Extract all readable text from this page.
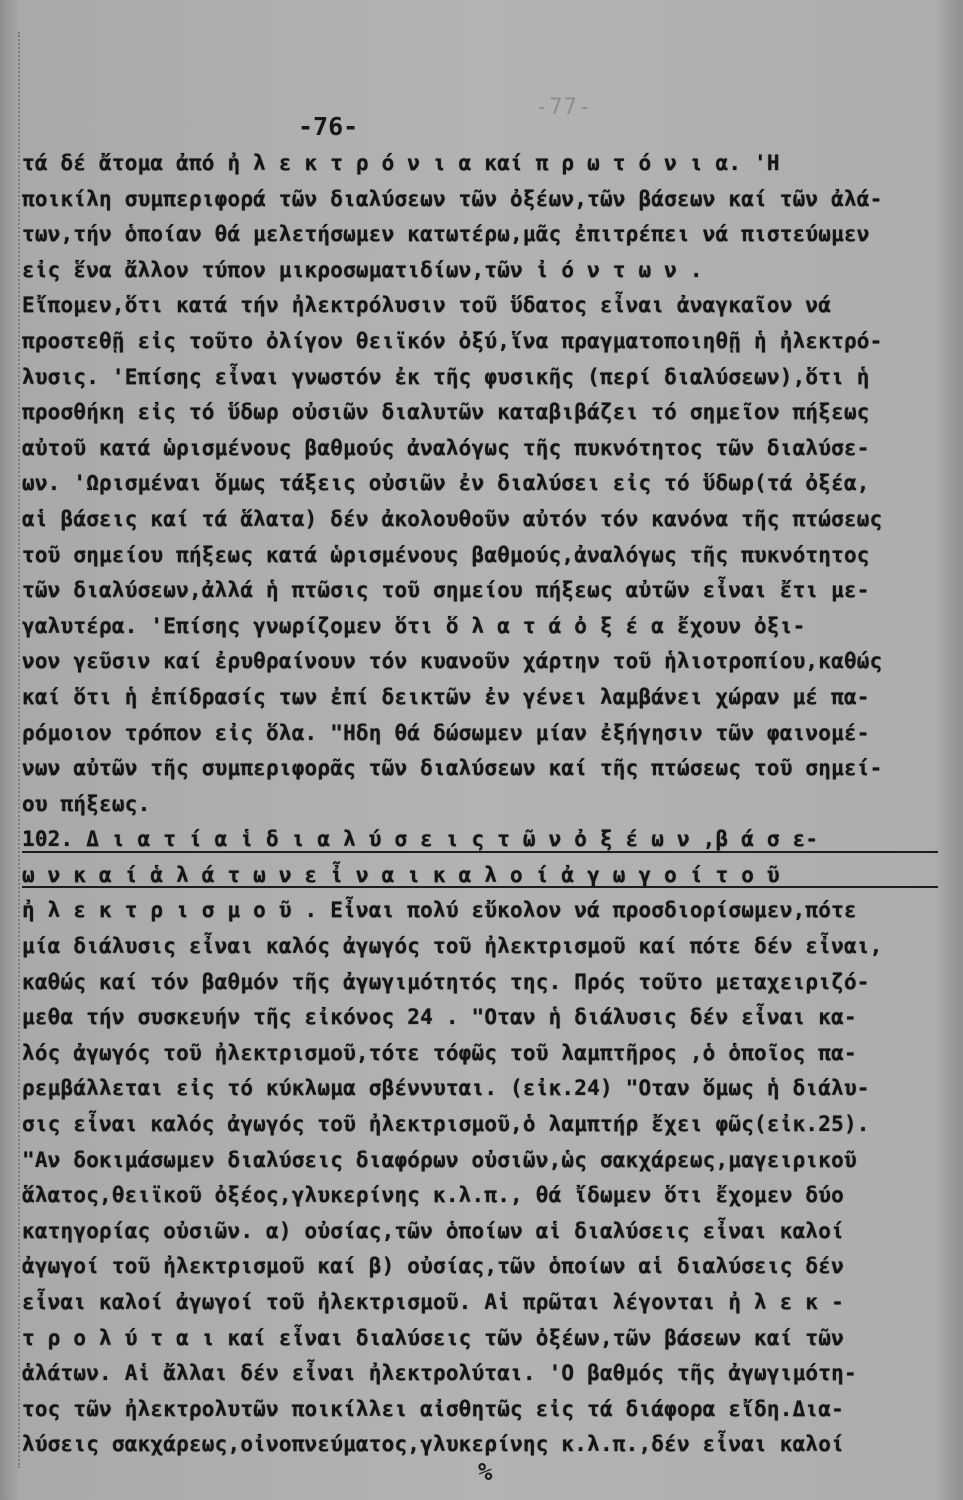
-77-
-76-
τά δέ ἄτομα ἀπό ἠ λ ε κ τ ρ ό ν ι α καί π ρ ω τ ό ν ι α. 'Η
ποικίλη συμπεριφορά τῶν διαλύσεων τῶν ὀξέων,τῶν βάσεων καί τῶν ἀλά-
των,τήν ὁποίαν θά μελετήσωμεν κατωτέρω,μᾶς ἐπιτρέπει νά πιστεύωμεν
εἰς ἕνα ἄλλον τύπον μικροσωματιδίων,τῶν ἰ ό ν τ ω ν .
Εἴπομεν,ὅτι κατά τήν ἠλεκτρόλυσιν τοῦ ὕδατος εἶναι ἀναγκαῖον νά
προστεθῇ εἰς τοῦτο ὀλίγον θειϊκόν ὀξύ,ἵνα πραγματοποιηθῇ ἡ ἠλεκτρό-
λυσις. 'Επίσης εἶναι γνωστόν ἐκ τῆς φυσικῆς (περί διαλύσεων),ὅτι ἡ
προσθήκη εἰς τό ὕδωρ οὐσιῶν διαλυτῶν καταβιβάζει τό σημεῖον πήξεως
αὐτοῦ κατά ὡρισμένους βαθμούς ἀναλόγως τῆς πυκνότητος τῶν διαλύσε-
ων. 'Ωρισμέναι ὅμως τάξεις οὐσιῶν ἐν διαλύσει εἰς τό ὕδωρ(τά ὀξέα,
αἱ βάσεις καί τά ἅλατα) δέν ἀκολουθοῦν αὐτόν τόν κανόνα τῆς πτώσεως
τοῦ σημείου πήξεως κατά ὡρισμένους βαθμούς,ἀναλόγως τῆς πυκνότητος
τῶν διαλύσεων,ἀλλά ἡ πτῶσις τοῦ σημείου πήξεως αὐτῶν εἶναι ἔτι με-
γαλυτέρα. 'Επίσης γνωρίζομεν ὅτι ὅ λ α τ ά ὀ ξ έ α ἔχουν ὀξι-
νον γεῦσιν καί ἐρυθραίνουν τόν κυανοῦν χάρτην τοῦ ἡλιοτροπίου,καθώς
καί ὅτι ἡ ἐπίδρασίς των ἐπί δεικτῶν ἐν γένει λαμβάνει χώραν μέ πα-
ρόμοιον τρόπον εἰς ὅλα. "Ηδη θά δώσωμεν μίαν ἐξήγησιν τῶν φαινομέ-
νων αὐτῶν τῆς συμπεριφορᾶς τῶν διαλύσεων καί τῆς πτώσεως τοῦ σημεί-
ου πήξεως.
102. Δ ι α τ ί α ἱ δ ι α λ ύ σ ε ι ς τ ῶ ν ὀ ξ έ ω ν ,β ά σ ε-
ω ν κ α ί ἁ λ ά τ ω ν ε ἶ ν α ι κ α λ ο ί ἀ γ ω γ ο ί τ ο ῦ
ἠ λ ε κ τ ρ ι σ μ ο ῦ . Εἶναι πολύ εὔκολον νά προσδιορίσωμεν,πότε
μία διάλυσις εἶναι καλός ἀγωγός τοῦ ἠλεκτρισμοῦ καί πότε δέν εἶναι,
καθώς καί τόν βαθμόν τῆς ἀγωγιμότητός της. Πρός τοῦτο μεταχειριζό-
μεθα τήν συσκευήν τῆς εἰκόνος 24 . "Οταν ἡ διάλυσις δέν εἶναι κα-
λός ἀγωγός τοῦ ἠλεκτρισμοῦ,τότε τόφῶς τοῦ λαμπτῆρος ,ὁ ὁποῖος πα-
ρεμβάλλεται εἰς τό κύκλωμα σβέννυται. (εἰκ.24) "Οταν ὅμως ἡ διάλυ-
σις εἶναι καλός ἀγωγός τοῦ ἠλεκτρισμοῦ,ὁ λαμπτήρ ἔχει φῶς(εἰκ.25).
"Αν δοκιμάσωμεν διαλύσεις διαφόρων οὐσιῶν,ὡς σακχάρεως,μαγειρικοῦ
ἅλατος,θειϊκοῦ ὀξέος,γλυκερίνης κ.λ.π., θά ἴδωμεν ὅτι ἔχομεν δύο
κατηγορίας οὐσιῶν. α) οὐσίας,τῶν ὁποίων αἱ διαλύσεις εἶναι καλοί
ἀγωγοί τοῦ ἠλεκτρισμοῦ καί β) οὐσίας,τῶν ὁποίων αἱ διαλύσεις δέν
εἶναι καλοί ἀγωγοί τοῦ ἠλεκτρισμοῦ. Αἱ πρῶται λέγονται ἠ λ ε κ -
τ ρ ο λ ύ τ α ι καί εἶναι διαλύσεις τῶν ὀξέων,τῶν βάσεων καί τῶν
ἁλάτων. Αἱ ἄλλαι δέν εἶναι ἠλεκτρολύται. 'Ο βαθμός τῆς ἀγωγιμότη-
τος τῶν ἠλεκτρολυτῶν ποικίλλει αἰσθητῶς εἰς τά διάφορα εἴδη.Δια-
λύσεις σακχάρεως,οἰνοπνεύματος,γλυκερίνης κ.λ.π.,δέν εἶναι καλοί
%
